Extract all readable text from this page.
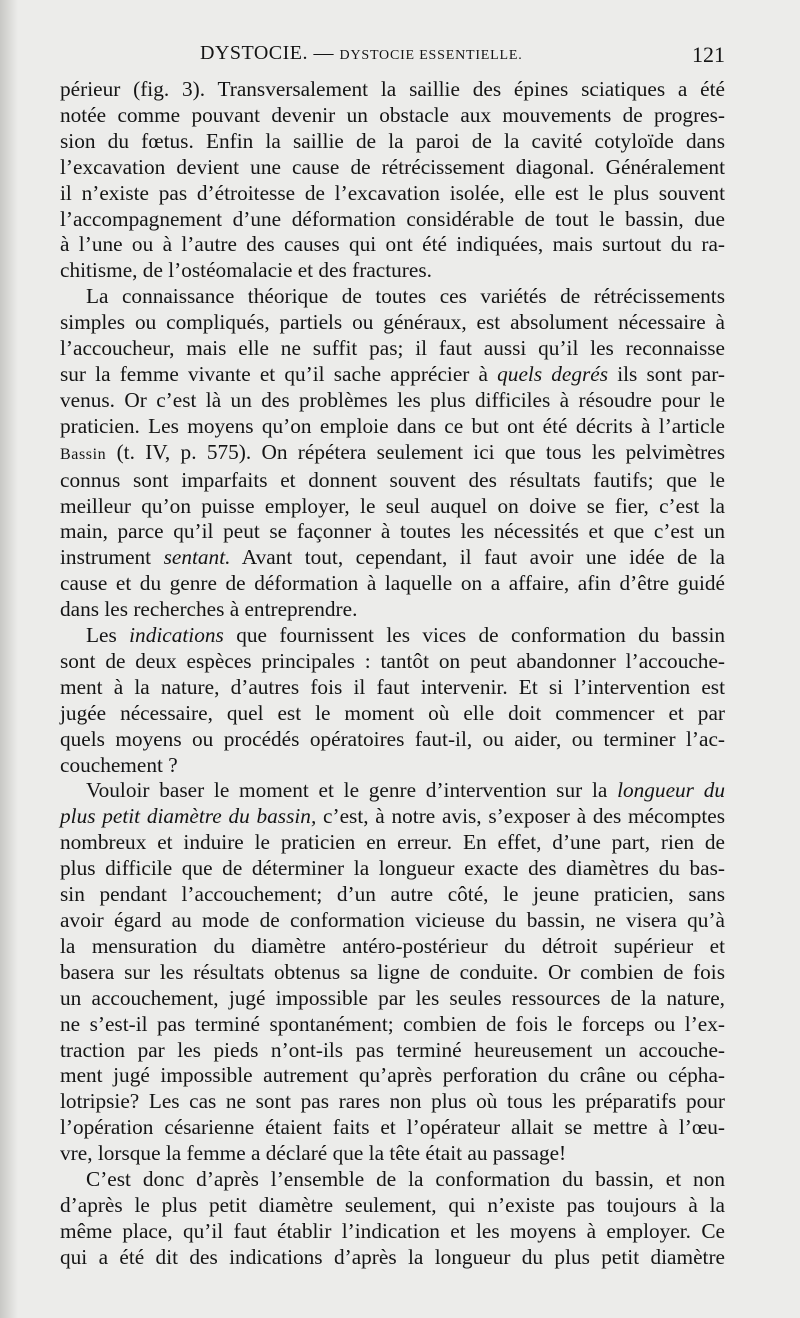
DYSTOCIE. — DYSTOCIE ESSENTIELLE.	121
périeur (fig. 3). Transversalement la saillie des épines sciatiques a été
notée comme pouvant devenir un obstacle aux mouvements de progres-
sion du fœtus. Enfin la saillie de la paroi de la cavité cotyloïde dans
l’excavation devient une cause de rétrécissement diagonal. Généralement
il n’existe pas d’étroitesse de l’excavation isolée, elle est le plus souvent
l’accompagnement d’une déformation considérable de tout le bassin, due
à l’une ou à l’autre des causes qui ont été indiquées, mais surtout du ra-
chitisme, de l’ostéomalacie et des fractures.
La connaissance théorique de toutes ces variétés de rétrécissements
simples ou compliqués, partiels ou généraux, est absolument nécessaire à
l’accoucheur, mais elle ne suffit pas; il faut aussi qu’il les reconnaisse
sur la femme vivante et qu’il sache apprécier à quels degrés ils sont par-
venus. Or c’est là un des problèmes les plus difficiles à résoudre pour le
praticien. Les moyens qu’on emploie dans ce but ont été décrits à l’article
Bassin (t. IV, p. 575). On répétera seulement ici que tous les pelvimètres
connus sont imparfaits et donnent souvent des résultats fautifs; que le
meilleur qu’on puisse employer, le seul auquel on doive se fier, c’est la
main, parce qu’il peut se façonner à toutes les nécessités et que c’est un
instrument sentant. Avant tout, cependant, il faut avoir une idée de la
cause et du genre de déformation à laquelle on a affaire, afin d’être guidé
dans les recherches à entreprendre.
Les indications que fournissent les vices de conformation du bassin
sont de deux espèces principales : tantôt on peut abandonner l’accouche-
ment à la nature, d’autres fois il faut intervenir. Et si l’intervention est
jugée nécessaire, quel est le moment où elle doit commencer et par
quels moyens ou procédés opératoires faut-il, ou aider, ou terminer l’ac-
couchement ?
Vouloir baser le moment et le genre d’intervention sur la longueur du
plus petit diamètre du bassin, c’est, à notre avis, s’exposer à des mécomptes
nombreux et induire le praticien en erreur. En effet, d’une part, rien de
plus difficile que de déterminer la longueur exacte des diamètres du bas-
sin pendant l’accouchement; d’un autre côté, le jeune praticien, sans
avoir égard au mode de conformation vicieuse du bassin, ne visera qu’à
la mensuration du diamètre antéro-postérieur du détroit supérieur et
basera sur les résultats obtenus sa ligne de conduite. Or combien de fois
un accouchement, jugé impossible par les seules ressources de la nature,
ne s’est-il pas terminé spontanément; combien de fois le forceps ou l’ex-
traction par les pieds n’ont-ils pas terminé heureusement un accouche-
ment jugé impossible autrement qu’après perforation du crâne ou cépha-
lotripsie? Les cas ne sont pas rares non plus où tous les préparatifs pour
l’opération césarienne étaient faits et l’opérateur allait se mettre à l’œu-
vre, lorsque la femme a déclaré que la tête était au passage!
C’est donc d’après l’ensemble de la conformation du bassin, et non
d’après le plus petit diamètre seulement, qui n’existe pas toujours à la
même place, qu’il faut établir l’indication et les moyens à employer. Ce
qui a été dit des indications d’après la longueur du plus petit diamètre
